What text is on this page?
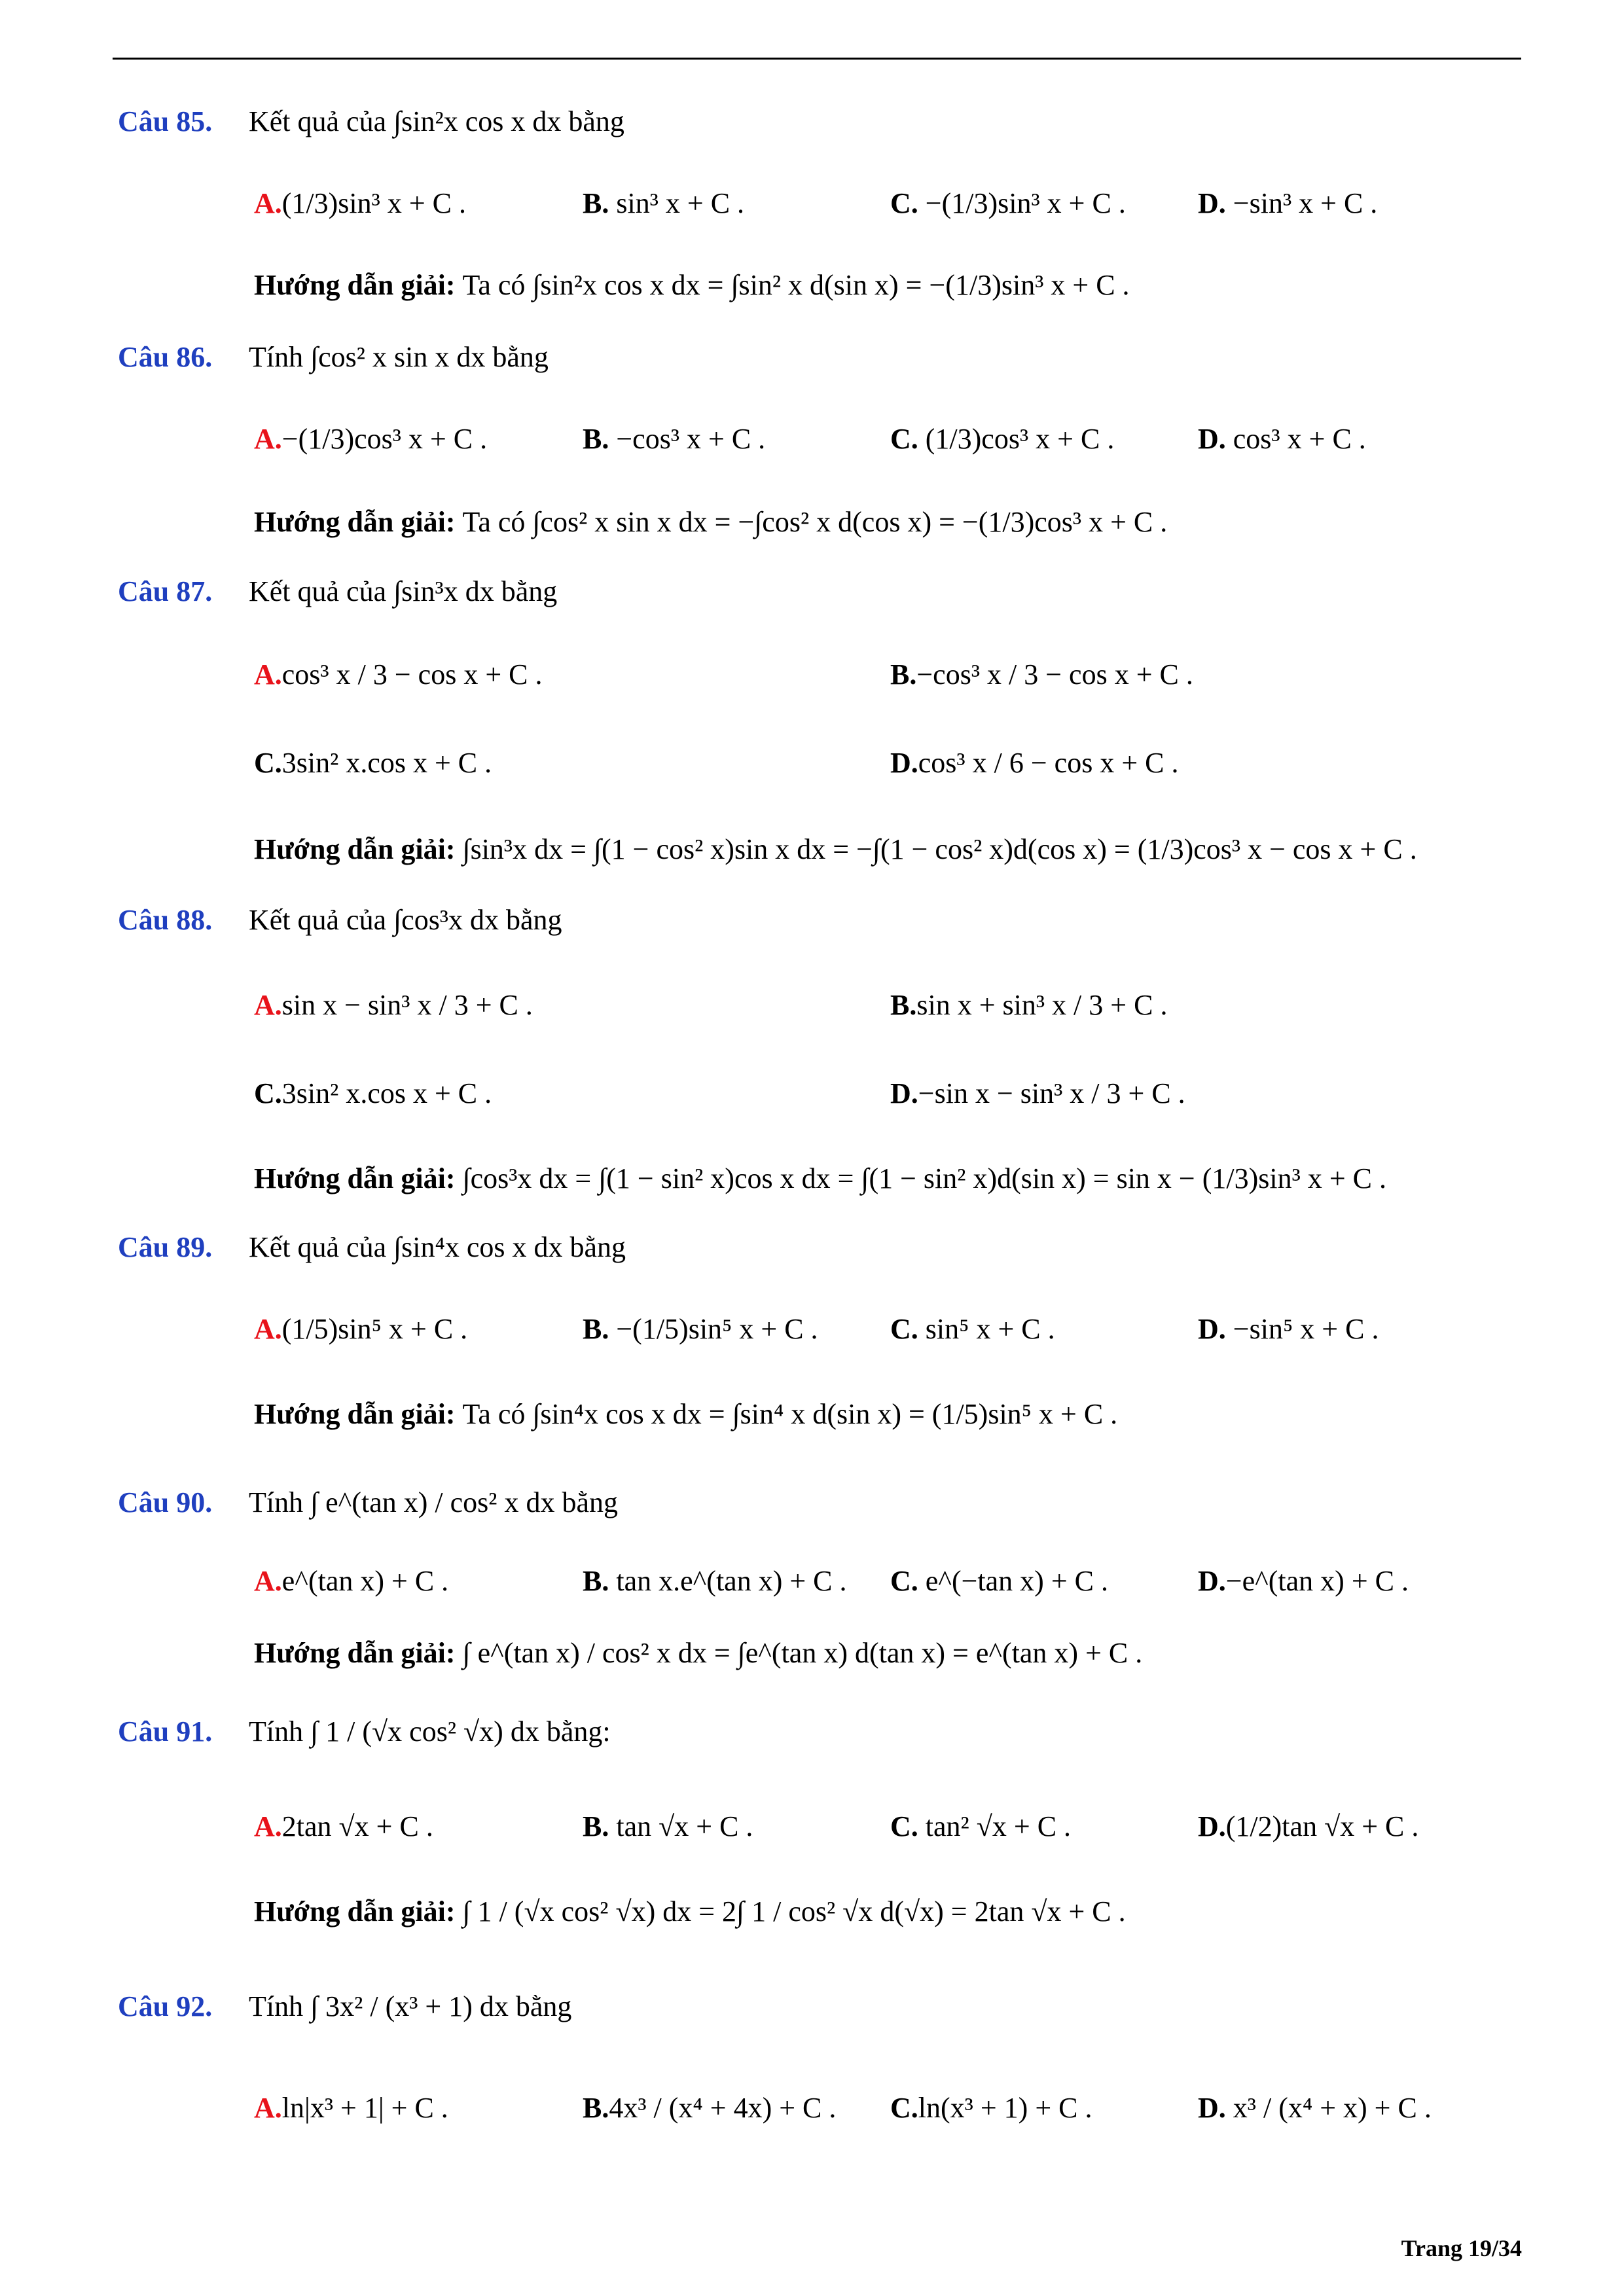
Câu 85. Kết quả của ∫sin²x cos x dx bằng
A.(1/3)sin³ x + C .	B. sin³ x + C .	C. −(1/3)sin³ x + C .	D. −sin³ x + C .
Hướng dẫn giải: Ta có ∫sin²x cos x dx = ∫sin² x d(sin x) = −(1/3)sin³ x + C .
Câu 86. Tính ∫cos² x sin x dx bằng
A.−(1/3)cos³ x + C .	B. −cos³ x + C .	C. (1/3)cos³ x + C .	D. cos³ x + C .
Hướng dẫn giải: Ta có ∫cos² x sin x dx = −∫cos² x d(cos x) = −(1/3)cos³ x + C .
Câu 87. Kết quả của ∫sin³x dx bằng
A.cos³ x / 3 − cos x + C .	B.−cos³ x / 3 − cos x + C .
C.3sin² x.cos x + C .	D.cos³ x / 6 − cos x + C .
Hướng dẫn giải: ∫sin³x dx = ∫(1 − cos² x)sin x dx = −∫(1 − cos² x)d(cos x) = (1/3)cos³ x − cos x + C .
Câu 88. Kết quả của ∫cos³x dx bằng
A.sin x − sin³ x / 3 + C .	B.sin x + sin³ x / 3 + C .
C.3sin² x.cos x + C .	D.−sin x − sin³ x / 3 + C .
Hướng dẫn giải: ∫cos³x dx = ∫(1 − sin² x)cos x dx = ∫(1 − sin² x)d(sin x) = sin x − (1/3)sin³ x + C .
Câu 89. Kết quả của ∫sin⁴x cos x dx bằng
A.(1/5)sin⁵ x + C .	B. −(1/5)sin⁵ x + C .	C. sin⁵ x + C .	D. −sin⁵ x + C .
Hướng dẫn giải: Ta có ∫sin⁴x cos x dx = ∫sin⁴ x d(sin x) = (1/5)sin⁵ x + C .
Câu 90. Tính ∫ e^(tan x) / cos² x dx bằng
A.e^(tan x) + C .	B. tan x.e^(tan x) + C . C. e^(−tan x) + C .	D.−e^(tan x) + C .
Hướng dẫn giải: ∫ e^(tan x) / cos² x dx = ∫e^(tan x) d(tan x) = e^(tan x) + C .
Câu 91. Tính ∫ 1 / (√x cos² √x) dx bằng:
A.2tan √x + C .	B. tan √x + C .	C. tan² √x + C .	D.(1/2)tan √x + C .
Hướng dẫn giải: ∫ 1 / (√x cos² √x) dx = 2∫ 1 / cos² √x d(√x) = 2tan √x + C .
Câu 92. Tính ∫ 3x² / (x³ + 1) dx bằng
A.ln|x³ + 1| + C .	B.4x³ / (x⁴ + 4x) + C . C.ln(x³ + 1) + C .	D. x³ / (x⁴ + x) + C .
Trang 19/34
